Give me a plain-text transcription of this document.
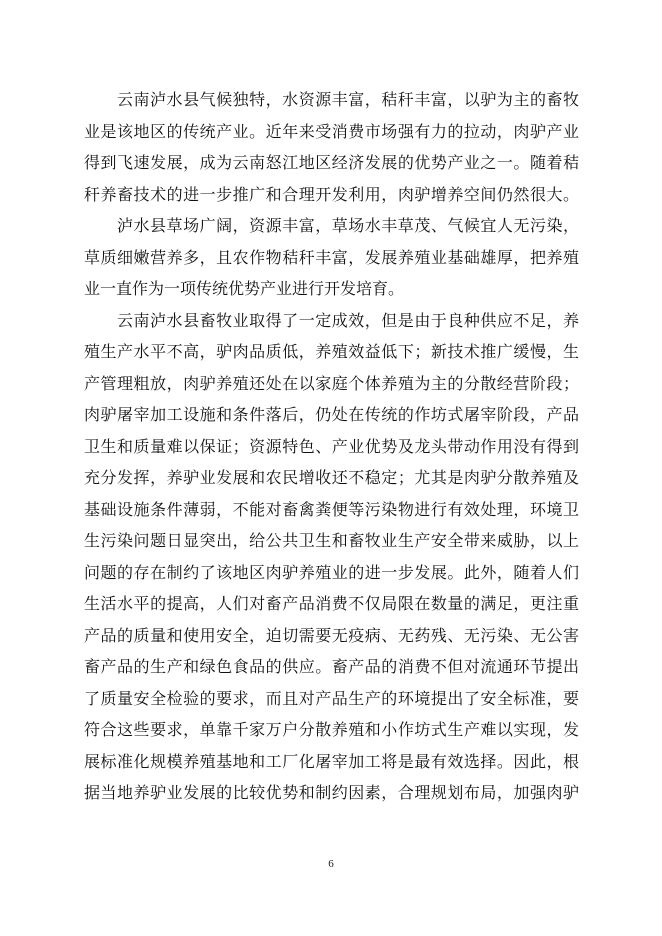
云南泸水县气候独特，水资源丰富，秸秆丰富，以驴为主的畜牧
业是该地区的传统产业。近年来受消费市场强有力的拉动，肉驴产业
得到飞速发展，成为云南怒江地区经济发展的优势产业之一。随着秸
秆养畜技术的进一步推广和合理开发利用，肉驴增养空间仍然很大。
泸水县草场广阔，资源丰富，草场水丰草茂、气候宜人无污染，
草质细嫩营养多，且农作物秸秆丰富，发展养殖业基础雄厚，把养殖
业一直作为一项传统优势产业进行开发培育。
云南泸水县畜牧业取得了一定成效，但是由于良种供应不足，养
殖生产水平不高，驴肉品质低，养殖效益低下；新技术推广缓慢，生
产管理粗放，肉驴养殖还处在以家庭个体养殖为主的分散经营阶段；
肉驴屠宰加工设施和条件落后，仍处在传统的作坊式屠宰阶段，产品
卫生和质量难以保证；资源特色、产业优势及龙头带动作用没有得到
充分发挥，养驴业发展和农民增收还不稳定；尤其是肉驴分散养殖及
基础设施条件薄弱，不能对畜禽粪便等污染物进行有效处理，环境卫
生污染问题日显突出，给公共卫生和畜牧业生产安全带来威胁，以上
问题的存在制约了该地区肉驴养殖业的进一步发展。此外，随着人们
生活水平的提高，人们对畜产品消费不仅局限在数量的满足，更注重
产品的质量和使用安全，迫切需要无疫病、无药残、无污染、无公害
畜产品的生产和绿色食品的供应。畜产品的消费不但对流通环节提出
了质量安全检验的要求，而且对产品生产的环境提出了安全标准，要
符合这些要求，单靠千家万户分散养殖和小作坊式生产难以实现，发
展标准化规模养殖基地和工厂化屠宰加工将是最有效选择。因此，根
据当地养驴业发展的比较优势和制约因素，合理规划布局，加强肉驴
6
